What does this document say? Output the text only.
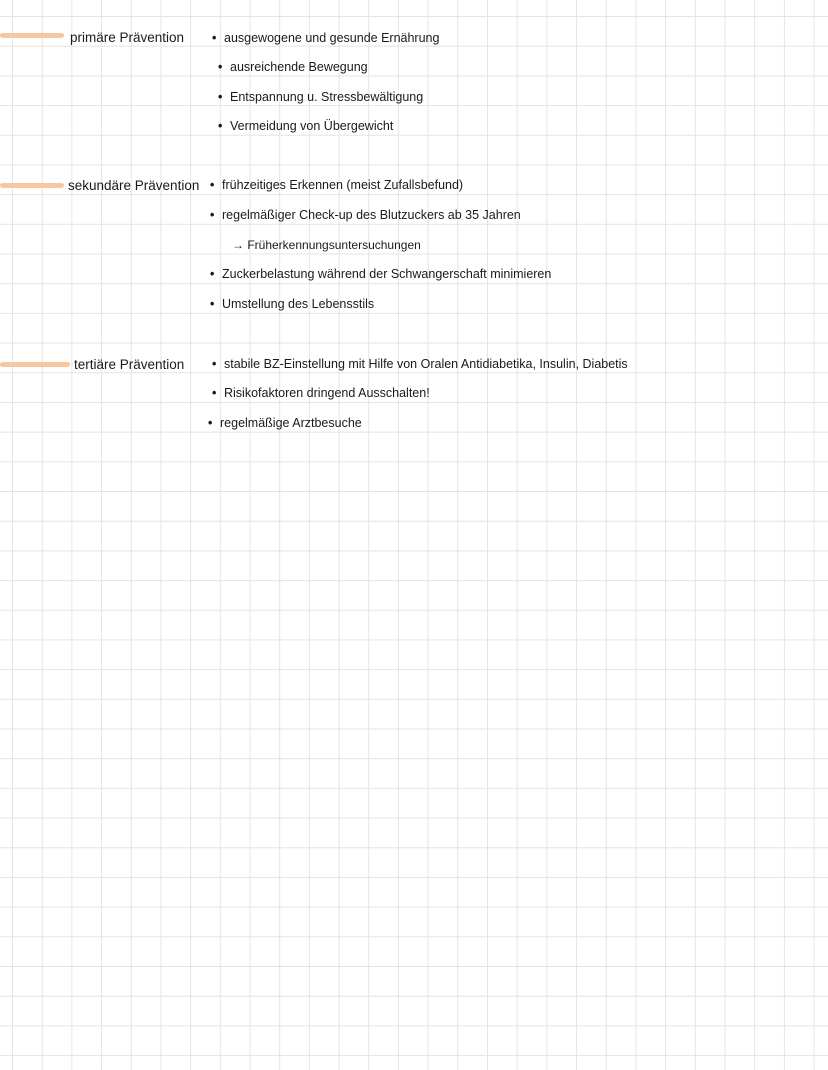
primäre Prävention • ausgewogene und gesunde Ernährung
• ausreichende Bewegung
• Entspannung u. Stressbewältigung
• Vermeidung von Übergewicht
sekundäre Prävention • frühzeitiges Erkennen (meist Zufallsbefund)
• regelmäßiger Check-up des Blutzuckers ab 35 Jahren
→ Früherkennungsuntersuchungen
• Zuckerbelastung während der Schwangerschaft minimieren
• Umstellung des Lebensstils
tertiäre Prävention • stabile BZ-Einstellung mit Hilfe von Oralen Antidiabetika, Insulin, Diabetis
• Risikofaktoren dringend Ausschalten!
• regelmäßige Arztbesuche
